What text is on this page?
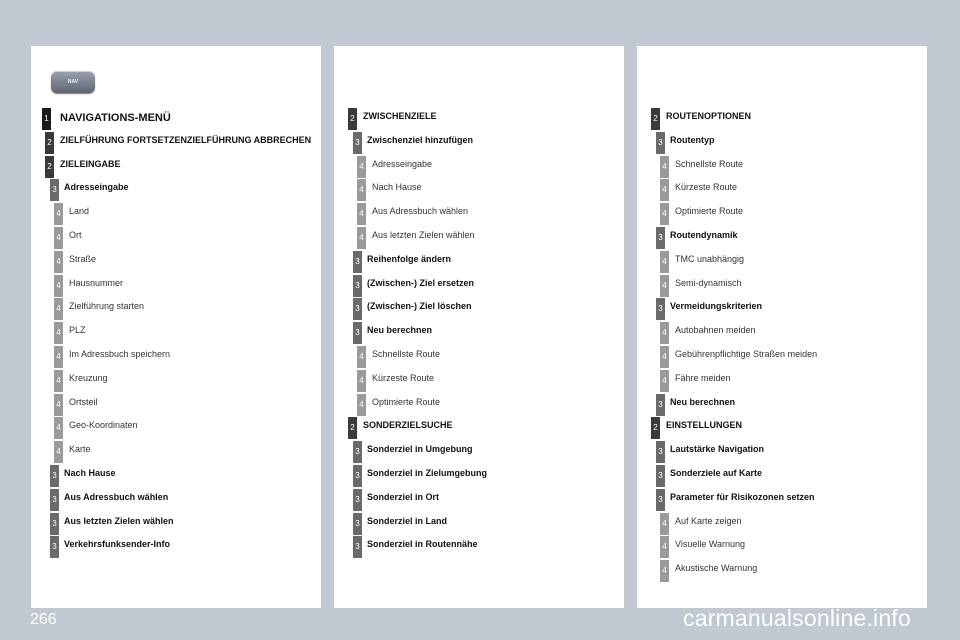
NAV
1 NAVIGATIONS-MENÜ
2 ZIELFÜHRUNG FORTSETZENZIELFÜHRUNG ABBRECHEN
2 ZIELEINGABE
3 Adresseingabe
4 Land
4 Ort
4 Straße
4 Hausnummer
4 Zielführung starten
4 PLZ
4 Im Adressbuch speichern
4 Kreuzung
4 Ortsteil
4 Geo-Koordinaten
4 Karte
3 Nach Hause
3 Aus Adressbuch wählen
3 Aus letzten Zielen wählen
3 Verkehrsfunksender-Info
2 ZWISCHENZIELE
3 Zwischenziel hinzufügen
4 Adresseingabe
4 Nach Hause
4 Aus Adressbuch wählen
4 Aus letzten Zielen wählen
3 Reihenfolge ändern
3 (Zwischen-) Ziel ersetzen
3 (Zwischen-) Ziel löschen
3 Neu berechnen
4 Schnellste Route
4 Kürzeste Route
4 Optimierte Route
2 SONDERZIELSUCHE
3 Sonderziel in Umgebung
3 Sonderziel in Zielumgebung
3 Sonderziel in Ort
3 Sonderziel in Land
3 Sonderziel in Routennähe
2 ROUTENOPTIONEN
3 Routentyp
4 Schnellste Route
4 Kürzeste Route
4 Optimierte Route
3 Routendynamik
4 TMC unabhängig
4 Semi-dynamisch
3 Vermeidungskriterien
4 Autobahnen meiden
4 Gebührenpflichtige Straßen meiden
4 Fähre meiden
3 Neu berechnen
2 EINSTELLUNGEN
3 Lautstärke Navigation
3 Sonderziele auf Karte
3 Parameter für Risikozonen setzen
4 Auf Karte zeigen
4 Visuelle Warnung
4 Akustische Warnung
266	carmanualsonline.info
